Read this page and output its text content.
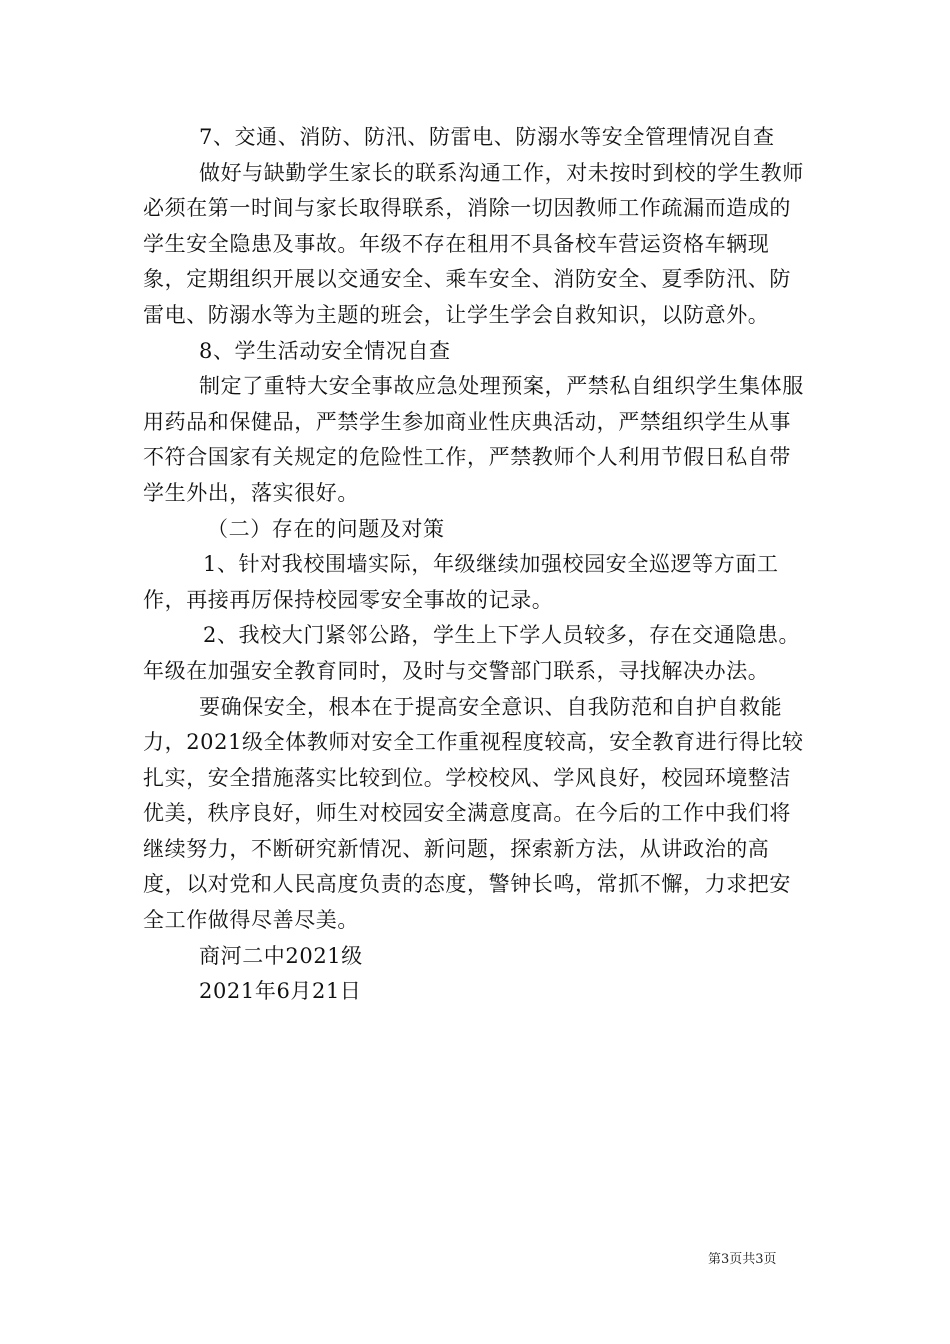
7、交通、消防、防汛、防雷电、防溺水等安全管理情况自查

做好与缺勤学生家长的联系沟通工作，对未按时到校的学生教师必须在第一时间与家长取得联系，消除一切因教师工作疏漏而造成的学生安全隐患及事故。年级不存在租用不具备校车营运资格车辆现象，定期组织开展以交通安全、乘车安全、消防安全、夏季防汛、防雷电、防溺水等为主题的班会，让学生学会自救知识，以防意外。

8、学生活动安全情况自查

制定了重特大安全事故应急处理预案，严禁私自组织学生集体服用药品和保健品，严禁学生参加商业性庆典活动，严禁组织学生从事不符合国家有关规定的危险性工作，严禁教师个人利用节假日私自带学生外出，落实很好。

（二）存在的问题及对策

1、针对我校围墙实际，年级继续加强校园安全巡逻等方面工作，再接再厉保持校园零安全事故的记录。

2、我校大门紧邻公路，学生上下学人员较多，存在交通隐患。年级在加强安全教育同时，及时与交警部门联系，寻找解决办法。

要确保安全，根本在于提高安全意识、自我防范和自护自救能力，2021级全体教师对安全工作重视程度较高，安全教育进行得比较扎实，安全措施落实比较到位。学校校风、学风良好，校园环境整洁优美，秩序良好，师生对校园安全满意度高。在今后的工作中我们将继续努力，不断研究新情况、新问题，探索新方法，从讲政治的高度，以对党和人民高度负责的态度，警钟长鸣，常抓不懈，力求把安全工作做得尽善尽美。

商河二中2021级

2021年6月21日

第3页共3页
